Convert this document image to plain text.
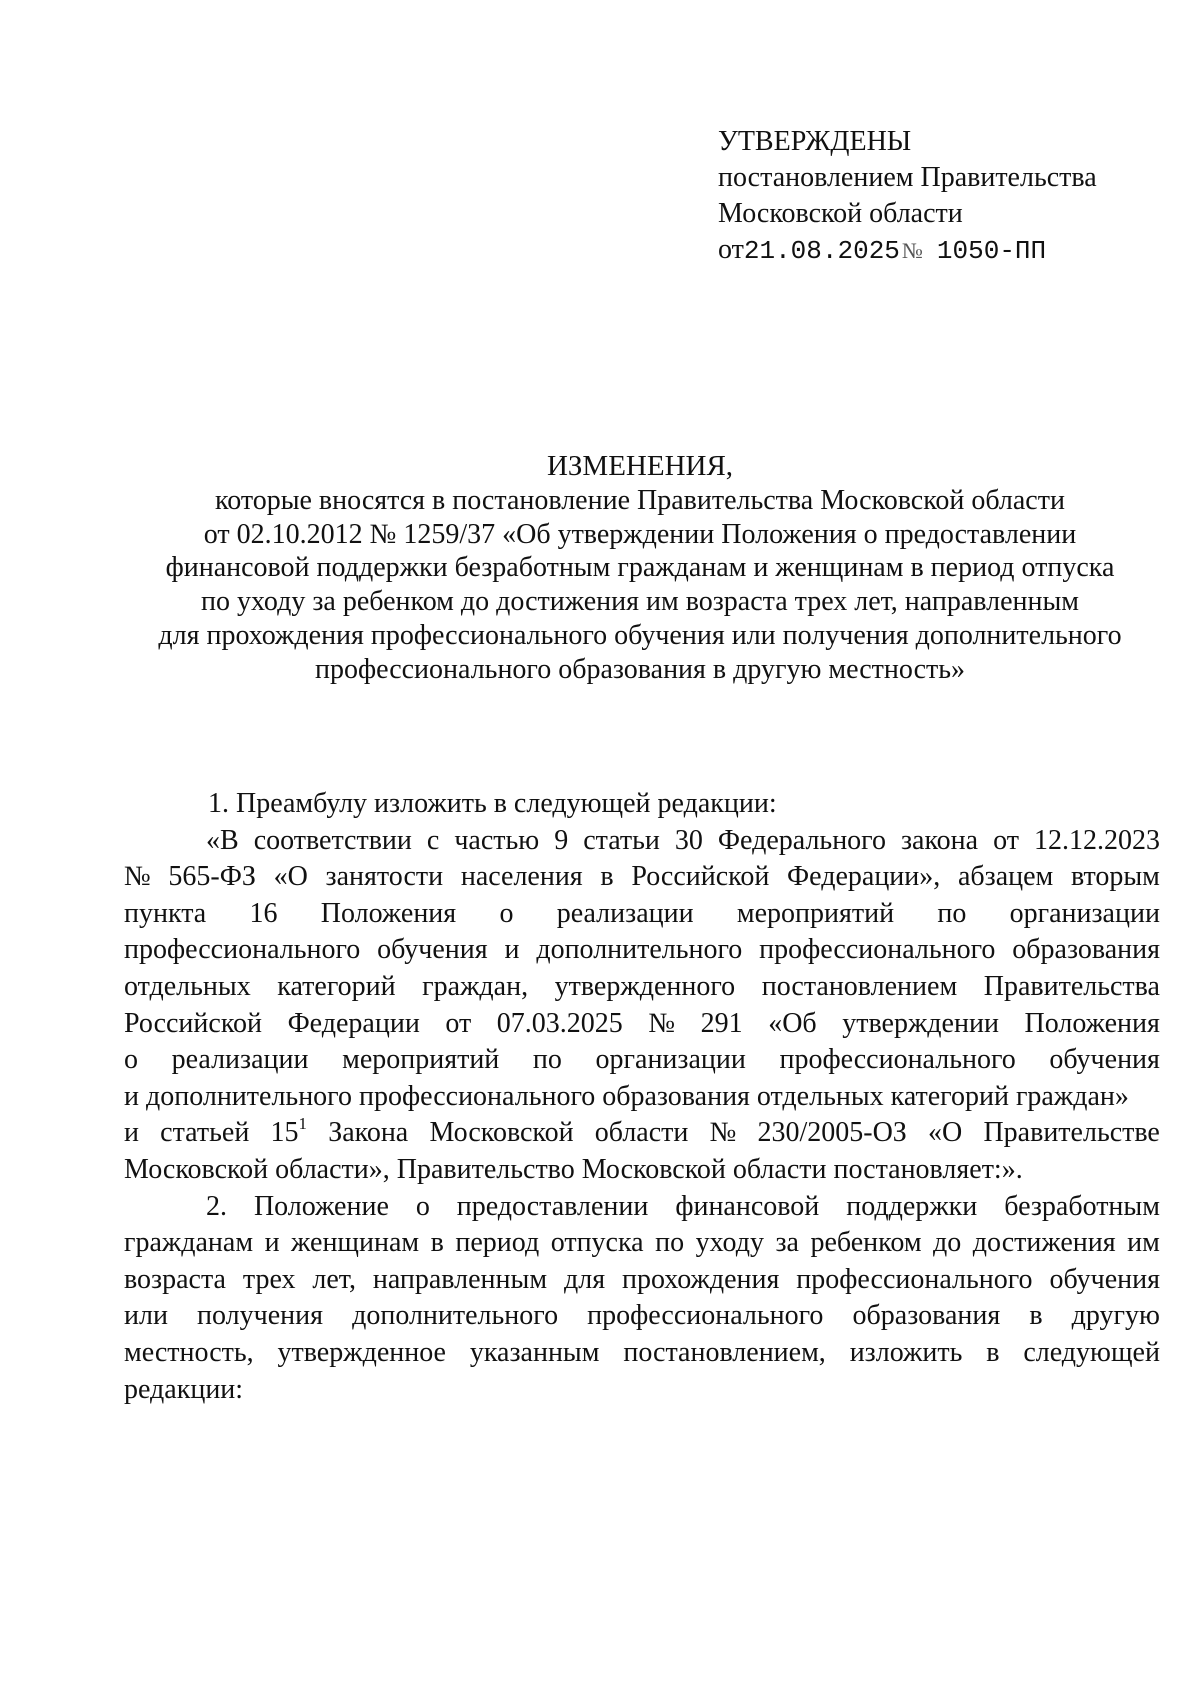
УТВЕРЖДЕНЫ
постановлением Правительства
Московской области
от21.08.2025№ 1050-ПП
ИЗМЕНЕНИЯ,
которые вносятся в постановление Правительства Московской области
от 02.10.2012 № 1259/37 «Об утверждении Положения о предоставлении
финансовой поддержки безработным гражданам и женщинам в период отпуска
по уходу за ребенком до достижения им возраста трех лет, направленным
для прохождения профессионального обучения или получения дополнительного
профессионального образования в другую местность»
1. Преамбулу изложить в следующей редакции:
«В соответствии с частью 9 статьи 30 Федерального закона от 12.12.2023
№ 565-ФЗ «О занятости населения в Российской Федерации», абзацем вторым
пункта 16 Положения о реализации мероприятий по организации
профессионального обучения и дополнительного профессионального образования
отдельных категорий граждан, утвержденного постановлением Правительства
Российской Федерации от 07.03.2025 № 291 «Об утверждении Положения
о реализации мероприятий по организации профессионального обучения
и дополнительного профессионального образования отдельных категорий граждан»
и статьей $15^1$ Закона Московской области № 230/2005-ОЗ «О Правительстве
Московской области», Правительство Московской области постановляет:».
2. Положение о предоставлении финансовой поддержки безработным
гражданам и женщинам в период отпуска по уходу за ребенком до достижения им
возраста трех лет, направленным для прохождения профессионального обучения
или получения дополнительного профессионального образования в другую
местность, утвержденное указанным постановлением, изложить в следующей
редакции:
